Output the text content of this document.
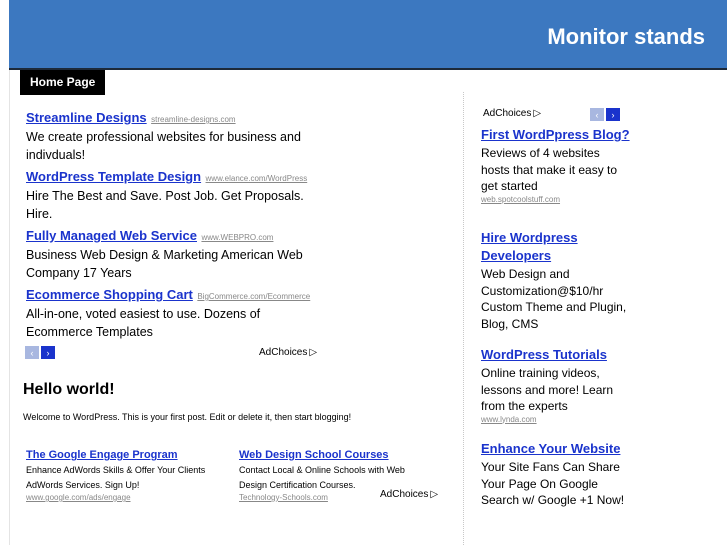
Monitor stands
Home Page
Streamline Designs streamline-designs.com
We create professional websites for business and indivduals!
WordPress Template Design www.elance.com/WordPress
Hire The Best and Save. Post Job. Get Proposals. Hire.
Fully Managed Web Service www.WEBPRO.com
Business Web Design & Marketing American Web Company 17 Years
Ecommerce Shopping Cart BigCommerce.com/Ecommerce
All-in-one, voted easiest to use. Dozens of Ecommerce Templates
‹	›	AdChoices ▷
Hello world!
Welcome to WordPress. This is your first post. Edit or delete it, then start blogging!
The Google Engage Program
Enhance AdWords Skills & Offer Your Clients AdWords Services. Sign Up!
www.google.com/ads/engage
Web Design School Courses
Contact Local & Online Schools with Web Design Certification Courses.
Technology-Schools.com	AdChoices ▷
AdChoices ▷	‹	›
First WordPpress Blog?
Reviews of 4 websites hosts that make it easy to get started
web.spotcoolstuff.com
Hire Wordpress Developers
Web Design and Customization@$10/hr Custom Theme and Plugin, Blog, CMS
WordPress Tutorials
Online training videos, lessons and more! Learn from the experts
www.lynda.com
Enhance Your Website
Your Site Fans Can Share Your Page On Google Search w/ Google +1 Now!
